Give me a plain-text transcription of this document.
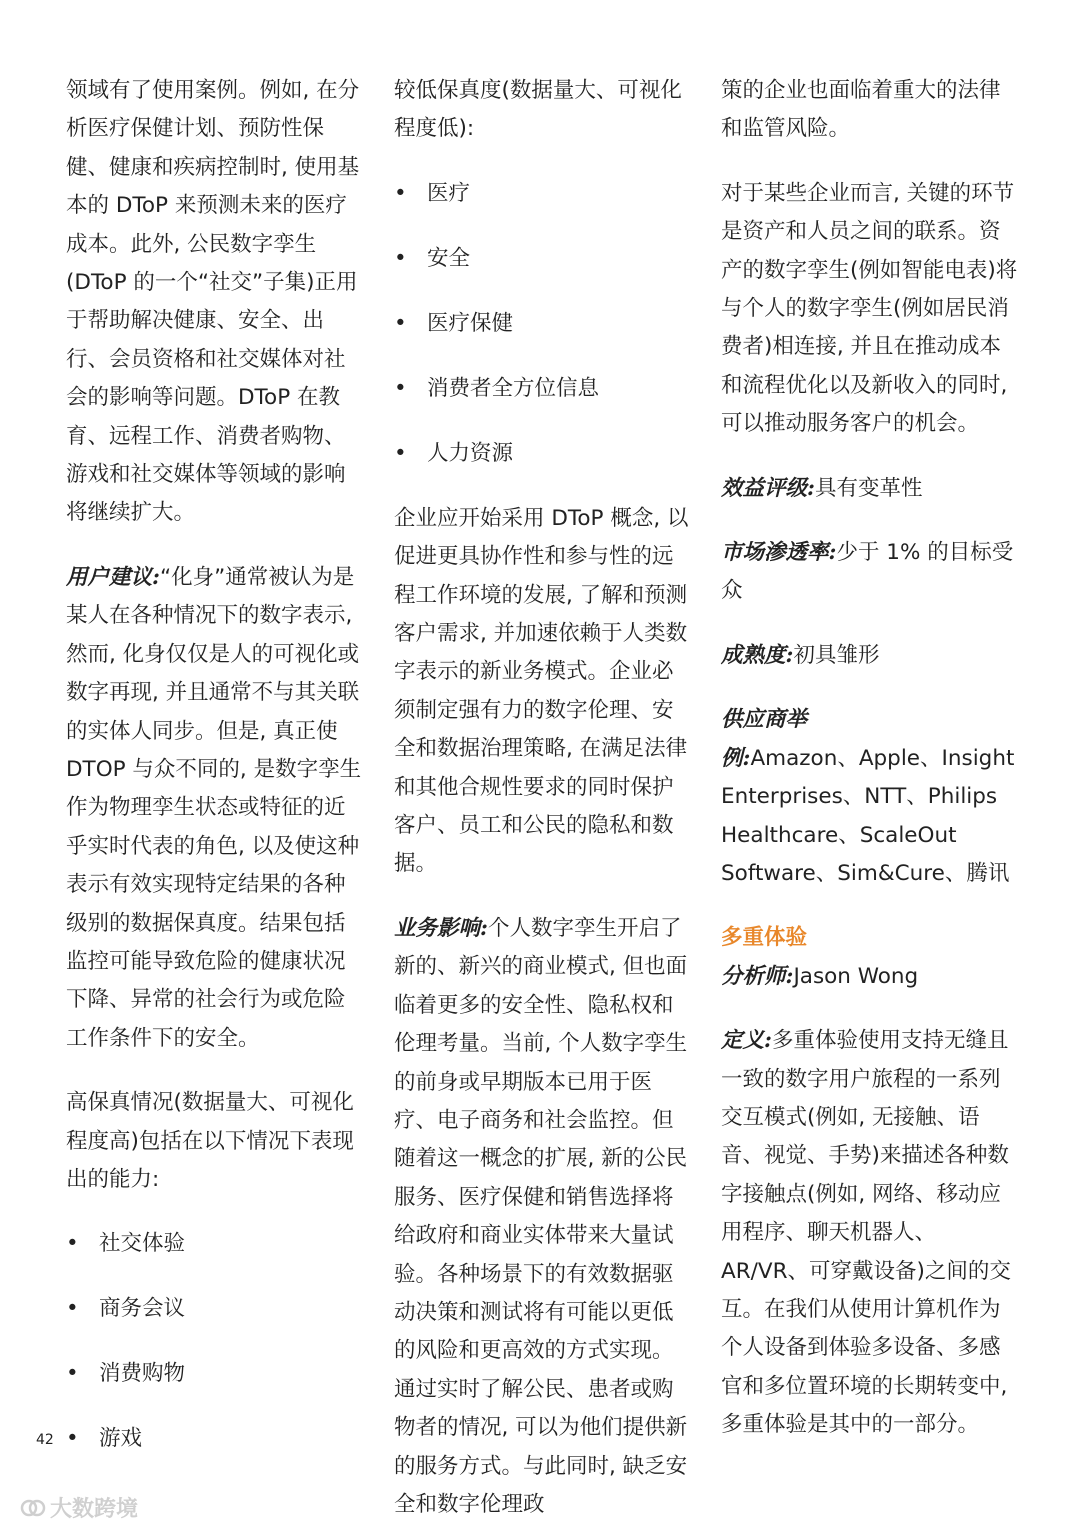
领域有了使用案例。例如, 在分析医疗保健计划、预防性保健、健康和疾病控制时, 使用基本的 DToP 来预测未来的医疗成本。此外, 公民数字孪生(DToP 的一个“社交”子集)正用于帮助解决健康、安全、出行、会员资格和社交媒体对社会的影响等问题。DToP 在教育、远程工作、消费者购物、游戏和社交媒体等领域的影响将继续扩大。

用户建议:“化身”通常被认为是某人在各种情况下的数字表示, 然而, 化身仅仅是人的可视化或数字再现, 并且通常不与其关联的实体人同步。但是, 真正使 DTOP 与众不同的, 是数字孪生作为物理孪生状态或特征的近乎实时代表的角色, 以及使这种表示有效实现特定结果的各种级别的数据保真度。结果包括监控可能导致危险的健康状况下降、异常的社会行为或危险工作条件下的安全。

高保真情况(数据量大、可视化程度高)包括在以下情况下表现出的能力:

• 社交体验
• 商务会议
• 消费购物
• 游戏

较低保真度(数据量大、可视化程度低):

• 医疗
• 安全
• 医疗保健
• 消费者全方位信息
• 人力资源

企业应开始采用 DToP 概念, 以促进更具协作性和参与性的远程工作环境的发展, 了解和预测客户需求, 并加速依赖于人类数字表示的新业务模式。企业必须制定强有力的数字伦理、安全和数据治理策略, 在满足法律和其他合规性要求的同时保护客户、员工和公民的隐私和数据。

业务影响:个人数字孪生开启了新的、新兴的商业模式, 但也面临着更多的安全性、隐私权和伦理考量。当前, 个人数字孪生的前身或早期版本已用于医疗、电子商务和社会监控。但随着这一概念的扩展, 新的公民服务、医疗保健和销售选择将给政府和商业实体带来大量试验。各种场景下的有效数据驱动决策和测试将有可能以更低的风险和更高效的方式实现。通过实时了解公民、患者或购物者的情况, 可以为他们提供新的服务方式。与此同时, 缺乏安全和数字伦理政

策的企业也面临着重大的法律和监管风险。

对于某些企业而言, 关键的环节是资产和人员之间的联系。资产的数字孪生(例如智能电表)将与个人的数字孪生(例如居民消费者)相连接, 并且在推动成本和流程优化以及新收入的同时, 可以推动服务客户的机会。

效益评级:具有变革性

市场渗透率:少于 1% 的目标受众

成熟度:初具雏形

供应商举

例:Amazon、Apple、Insight Enterprises、NTT、Philips Healthcare、ScaleOut Software、Sim&Cure、腾讯

多重体验

分析师:Jason Wong

定义:多重体验使用支持无缝且一致的数字用户旅程的一系列交互模式(例如, 无接触、语音、视觉、手势)来描述各种数字接触点(例如, 网络、移动应用程序、聊天机器人、AR/VR、可穿戴设备)之间的交互。在我们从使用计算机作为个人设备到体验多设备、多感官和多位置环境的长期转变中, 多重体验是其中的一部分。

42
大数跨境
